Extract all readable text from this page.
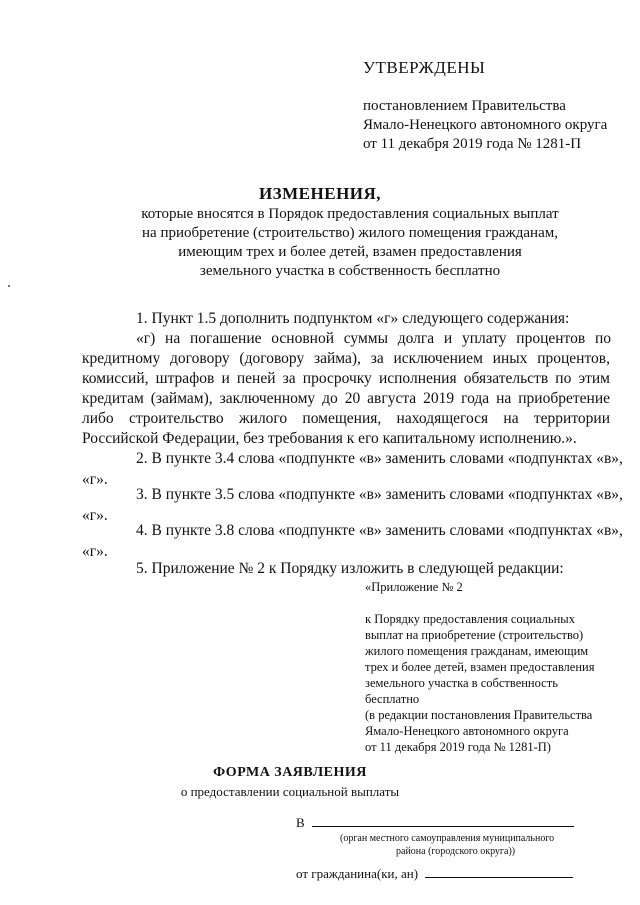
УТВЕРЖДЕНЫ
постановлением Правительства
Ямало-Ненецкого автономного округа
от 11 декабря 2019 года № 1281-П
ИЗМЕНЕНИЯ,
которые вносятся в Порядок предоставления социальных выплат
на приобретение (строительство) жилого помещения гражданам,
имеющим трех и более детей, взамен предоставления
земельного участка в собственность бесплатно
1. Пункт 1.5 дополнить подпунктом «г» следующего содержания:
«г) на погашение основной суммы долга и уплату процентов по
кредитному договору (договору займа), за исключением иных процентов,
комиссий, штрафов и пеней за просрочку исполнения обязательств по этим
кредитам (займам), заключенному до 20 августа 2019 года на приобретение
либо строительство жилого помещения, находящегося на территории
Российской Федерации, без требования к его капитальному исполнению.».
2. В пункте 3.4 слова «подпункте «в» заменить словами «подпунктах «в»,
«г».
3. В пункте 3.5 слова «подпункте «в» заменить словами «подпунктах «в»,
«г».
4. В пункте 3.8 слова «подпункте «в» заменить словами «подпунктах «в»,
«г».
5. Приложение № 2 к Порядку изложить в следующей редакции:
«Приложение № 2
к Порядку предоставления социальных
выплат на приобретение (строительство)
жилого помещения гражданам, имеющим
трех и более детей, взамен предоставления
земельного участка в собственность
бесплатно
(в редакции постановления Правительства
Ямало-Ненецкого автономного округа
от 11 декабря 2019 года № 1281-П)
ФОРМА ЗАЯВЛЕНИЯ
о предоставлении социальной выплаты
В
(орган местного самоуправления муниципального
района (городского округа))
от гражданина(ки, ан)
